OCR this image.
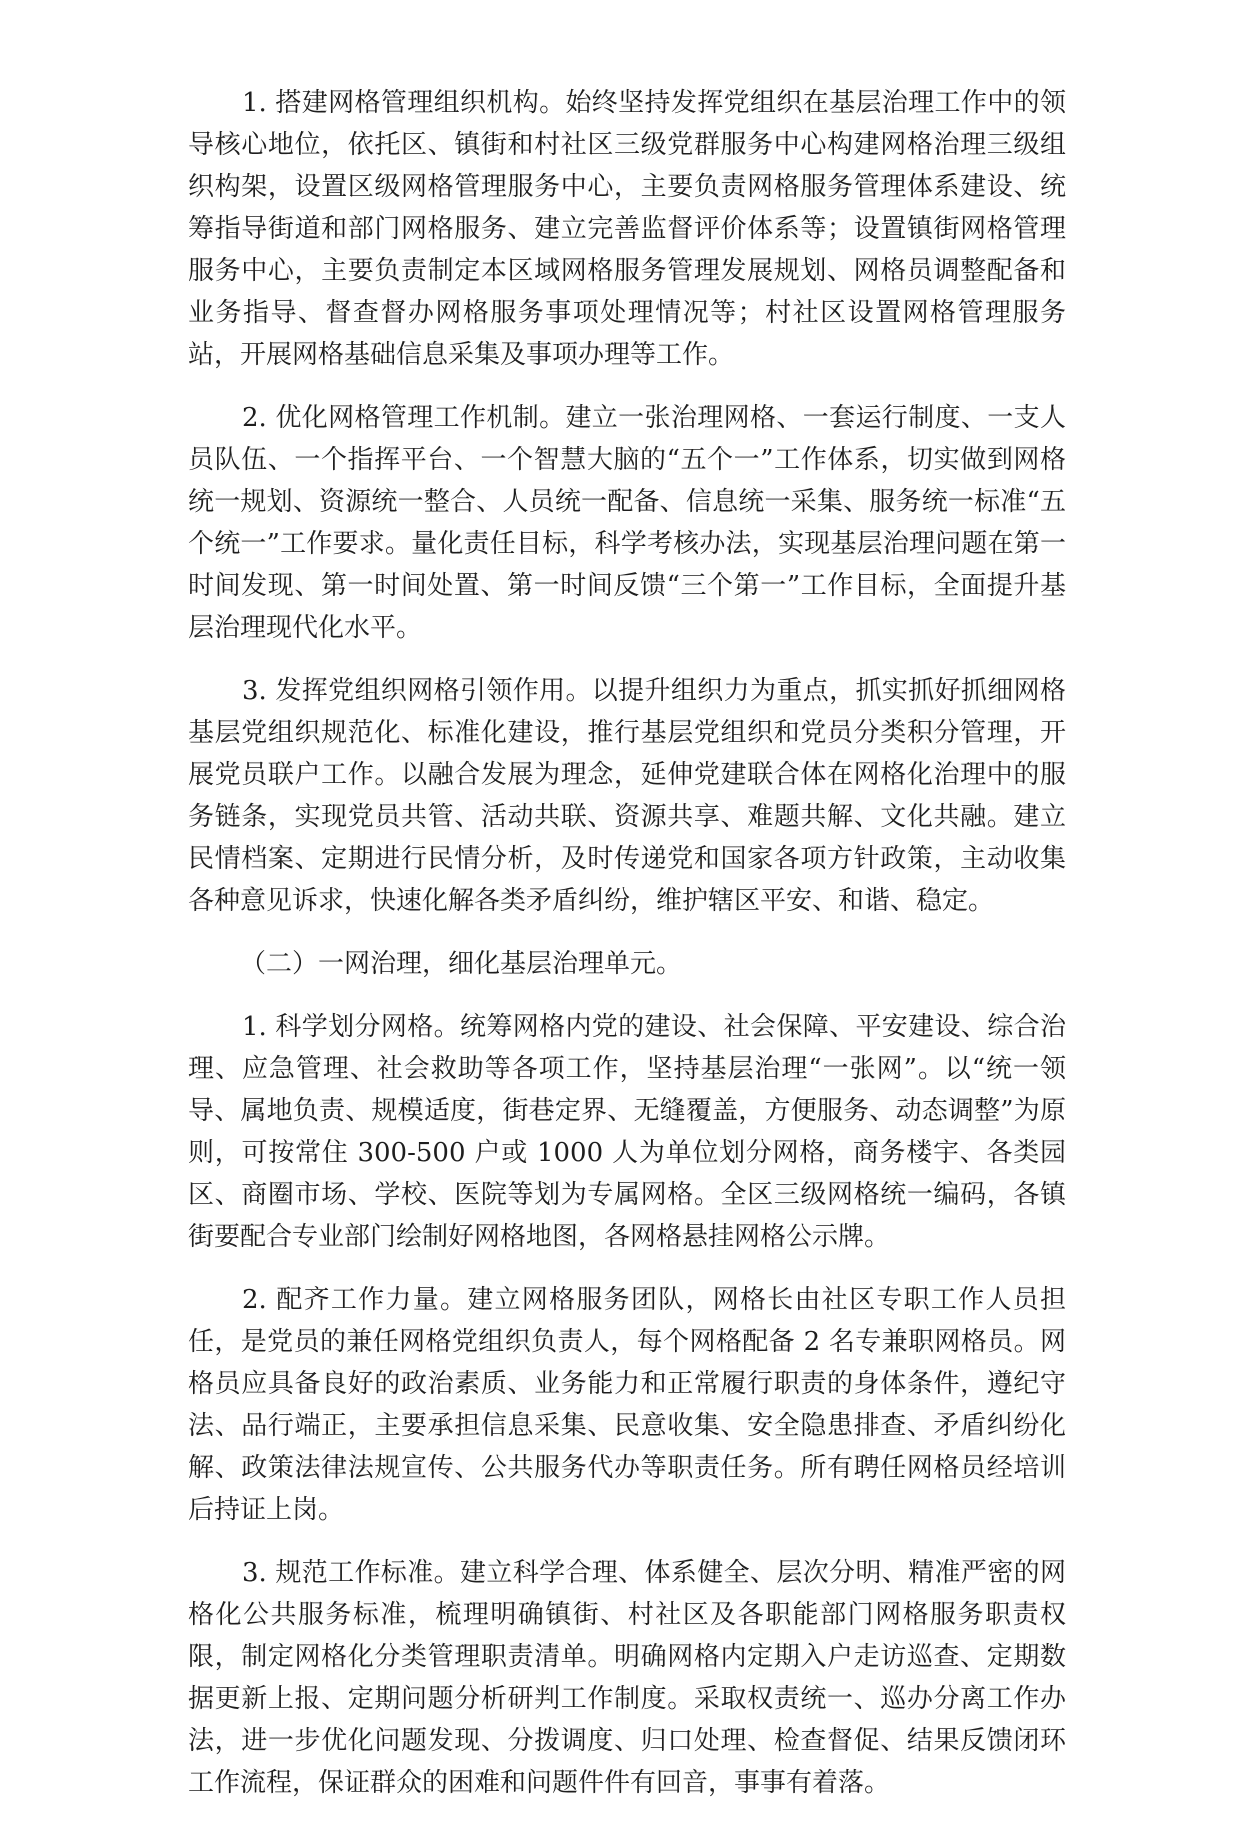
1. 搭建网格管理组织机构。始终坚持发挥党组织在基层治理工作中的领导核心地位，依托区、镇街和村社区三级党群服务中心构建网格治理三级组织构架，设置区级网格管理服务中心，主要负责网格服务管理体系建设、统筹指导街道和部门网格服务、建立完善监督评价体系等；设置镇街网格管理服务中心，主要负责制定本区域网格服务管理发展规划、网格员调整配备和业务指导、督查督办网格服务事项处理情况等；村社区设置网格管理服务站，开展网格基础信息采集及事项办理等工作。

2. 优化网格管理工作机制。建立一张治理网格、一套运行制度、一支人员队伍、一个指挥平台、一个智慧大脑的“五个一”工作体系，切实做到网格统一规划、资源统一整合、人员统一配备、信息统一采集、服务统一标准“五个统一”工作要求。量化责任目标，科学考核办法，实现基层治理问题在第一时间发现、第一时间处置、第一时间反馈“三个第一”工作目标，全面提升基层治理现代化水平。

3. 发挥党组织网格引领作用。以提升组织力为重点，抓实抓好抓细网格基层党组织规范化、标准化建设，推行基层党组织和党员分类积分管理，开展党员联户工作。以融合发展为理念，延伸党建联合体在网格化治理中的服务链条，实现党员共管、活动共联、资源共享、难题共解、文化共融。建立民情档案、定期进行民情分析，及时传递党和国家各项方针政策，主动收集各种意见诉求，快速化解各类矛盾纠纷，维护辖区平安、和谐、稳定。

（二）一网治理，细化基层治理单元。

1. 科学划分网格。统筹网格内党的建设、社会保障、平安建设、综合治理、应急管理、社会救助等各项工作，坚持基层治理“一张网”。以“统一领导、属地负责、规模适度，街巷定界、无缝覆盖，方便服务、动态调整”为原则，可按常住 300-500 户或 1000 人为单位划分网格，商务楼宇、各类园区、商圈市场、学校、医院等划为专属网格。全区三级网格统一编码，各镇街要配合专业部门绘制好网格地图，各网格悬挂网格公示牌。

2. 配齐工作力量。建立网格服务团队，网格长由社区专职工作人员担任，是党员的兼任网格党组织负责人，每个网格配备 2 名专兼职网格员。网格员应具备良好的政治素质、业务能力和正常履行职责的身体条件，遵纪守法、品行端正，主要承担信息采集、民意收集、安全隐患排查、矛盾纠纷化解、政策法律法规宣传、公共服务代办等职责任务。所有聘任网格员经培训后持证上岗。

3. 规范工作标准。建立科学合理、体系健全、层次分明、精准严密的网格化公共服务标准，梳理明确镇街、村社区及各职能部门网格服务职责权限，制定网格化分类管理职责清单。明确网格内定期入户走访巡查、定期数据更新上报、定期问题分析研判工作制度。采取权责统一、巡办分离工作办法，进一步优化问题发现、分拨调度、归口处理、检查督促、结果反馈闭环工作流程，保证群众的困难和问题件件有回音，事事有着落。
